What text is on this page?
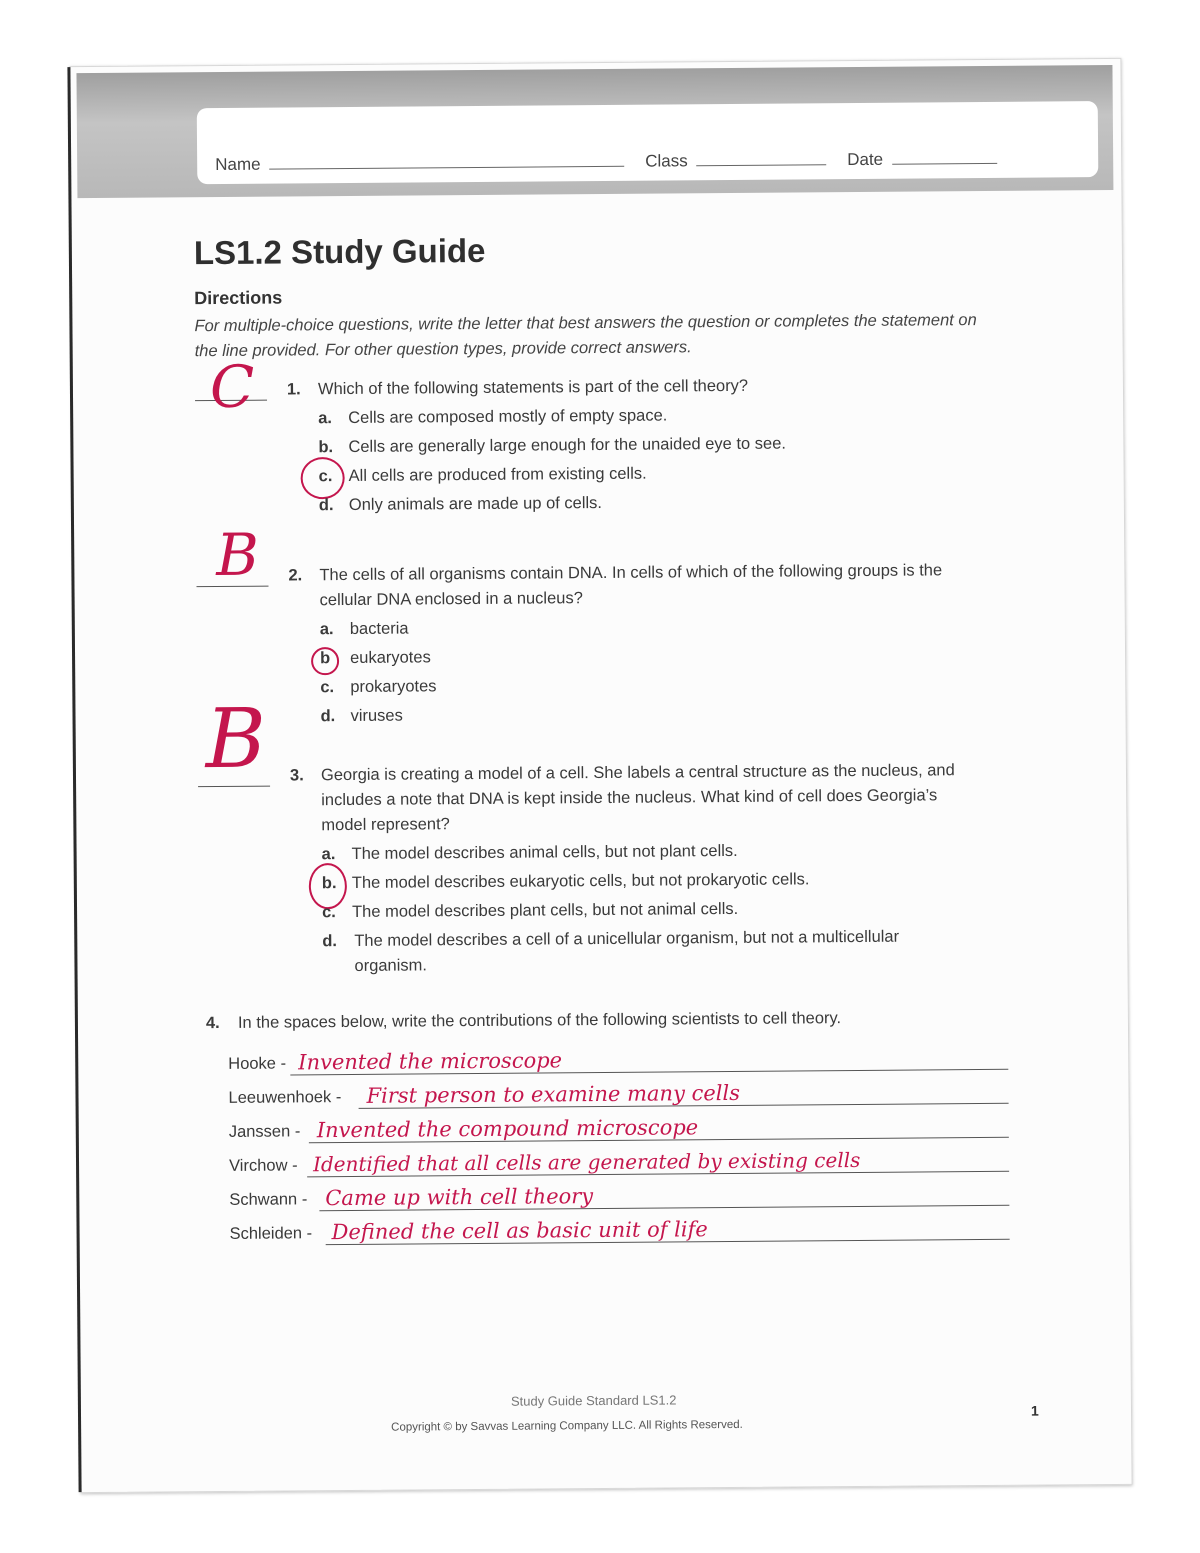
Name	Class	Date
LS1.2 Study Guide
Directions
For multiple-choice questions, write the letter that best answers the question or completes the statement on the line provided. For other question types, provide correct answers.
C 1. Which of the following statements is part of the cell theory?
a. Cells are composed mostly of empty space.
b. Cells are generally large enough for the unaided eye to see.
c. All cells are produced from existing cells.
d. Only animals are made up of cells.
B 2. The cells of all organisms contain DNA. In cells of which of the following groups is the cellular DNA enclosed in a nucleus?
a. bacteria
b eukaryotes
c. prokaryotes
d. viruses
B 3. Georgia is creating a model of a cell. She labels a central structure as the nucleus, and includes a note that DNA is kept inside the nucleus. What kind of cell does Georgia’s model represent?
a. The model describes animal cells, but not plant cells.
b. The model describes eukaryotic cells, but not prokaryotic cells.
c. The model describes plant cells, but not animal cells.
d.	The model describes a cell of a unicellular organism, but not a multicellular organism.
4. In the spaces below, write the contributions of the following scientists to cell theory.
Hooke - Invented the microscope
Leeuwenhoek - First person to examine many cells
Janssen - Invented the compound microscope
Virchow - Identified that all cells are generated by existing cells
Schwann - Came up with cell theory
Schleiden - Defined the cell as basic unit of life
Study Guide Standard LS1.2
Copyright © by Savvas Learning Company LLC. All Rights Reserved.
1
